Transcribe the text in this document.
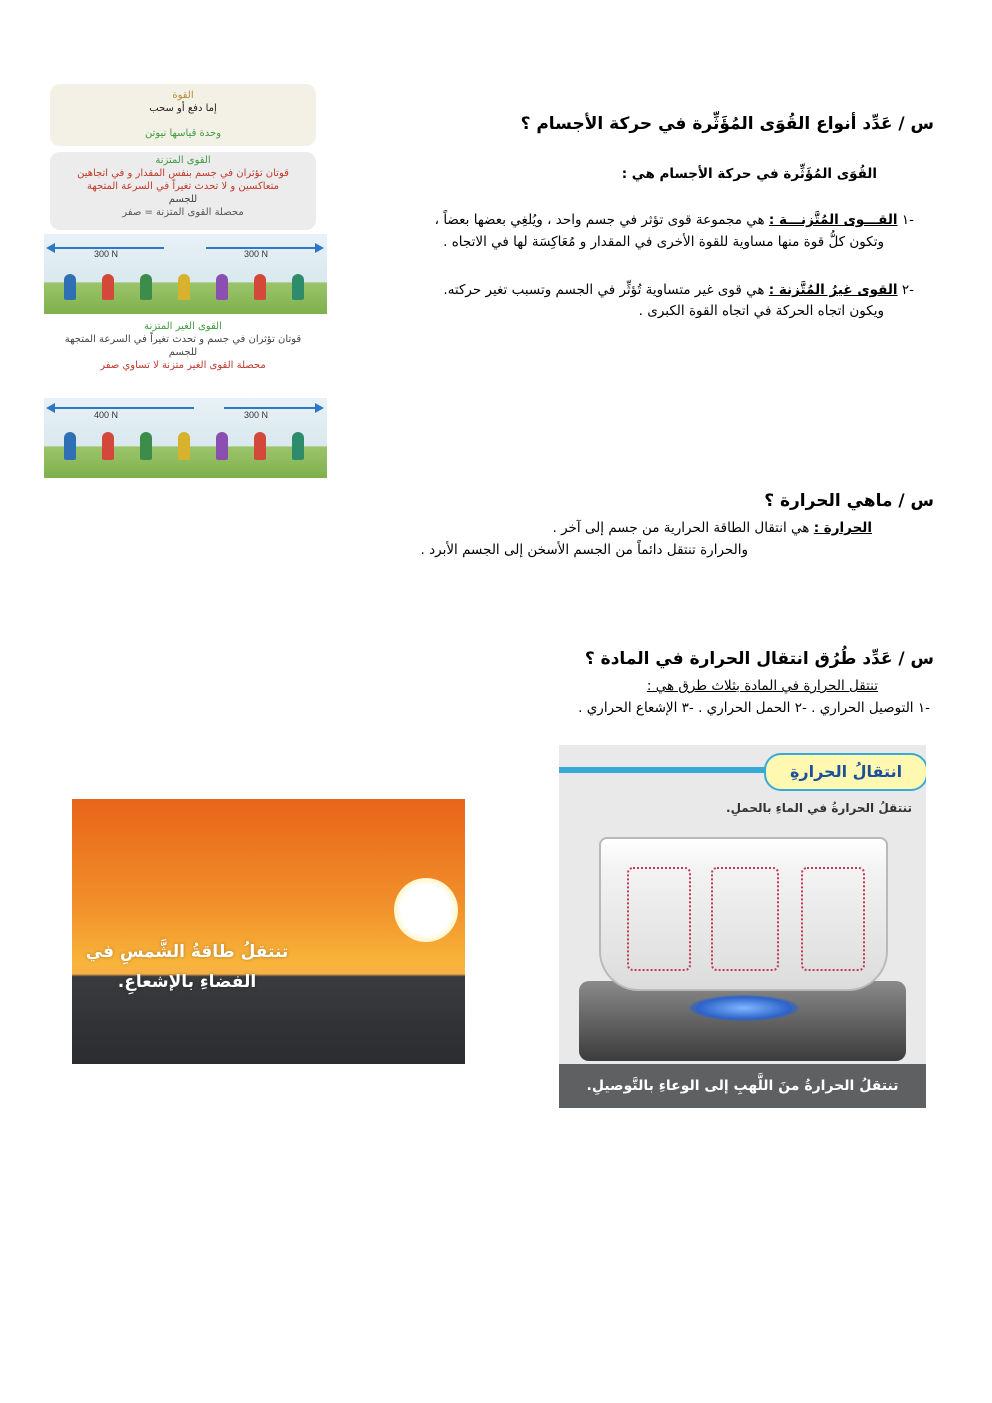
القوة
إما دفع أو سحب
وحدة قياسها نيوتن
القوى المتزنة
قوتان تؤثران في جسم بنفس المقدار و في اتجاهين
متعاكسين و لا تحدث تغيراً في السرعة المتجهة
للجسم
محصلة القوى المتزنة = صفر
300 N	300 N
القوى الغير المتزنة
قوتان تؤثران في جسم و تحدث تغيراً في السرعة المتجهة
للجسم
محصلة القوى الغير متزنة لا تساوي صفر
400 N	300 N
س / عَدِّد أنواع القُوَى المُؤَثِّرة في حركة الأجسام ؟
القُوَى المُؤَثِّرة في حركة الأجسام هي :
-١ القـــوى المُتَّزنـــة : هي مجموعة قوى تؤثر في جسم واحد ، ويُلغِي بعضها بعضاً ،
وتكون كلُّ قوة منها مساوية للقوة الأخرى في المقدار و مُعَاكِسَة لها في الاتجاه .
-٢ القوى غيرُ المُتَّزنة : هي قوى غير متساوية تُؤثِّر في الجسم وتسبب تغير حركته.
ويكون اتجاه الحركة في اتجاه القوة الكبرى .
س / ماهي الحرارة ؟
الحرارة : هي انتقال الطاقة الحرارية من جسم إلى آخر .
والحرارة تنتقل دائماً من الجسم الأسخن إلى الجسم الأبرد .
س / عَدِّد طُرُق انتقال الحرارة في المادة ؟
تنتقل الحرارة في المادة بثلاث طرق هي :
-١ التوصيل الحراري . -٢ الحمل الحراري . -٣ الإشعاع الحراري .
تنتقلُ طاقةُ الشَّمسِ في
الفضاءِ بالإشعاعِ.
انتقالُ الحرارةِ
تنتقلُ الحرارةُ في الماءِ بالحملِ.
تنتقلُ الحرارةُ منَ اللَّهبِ إلى الوعاءِ بالتَّوصيلِ.
